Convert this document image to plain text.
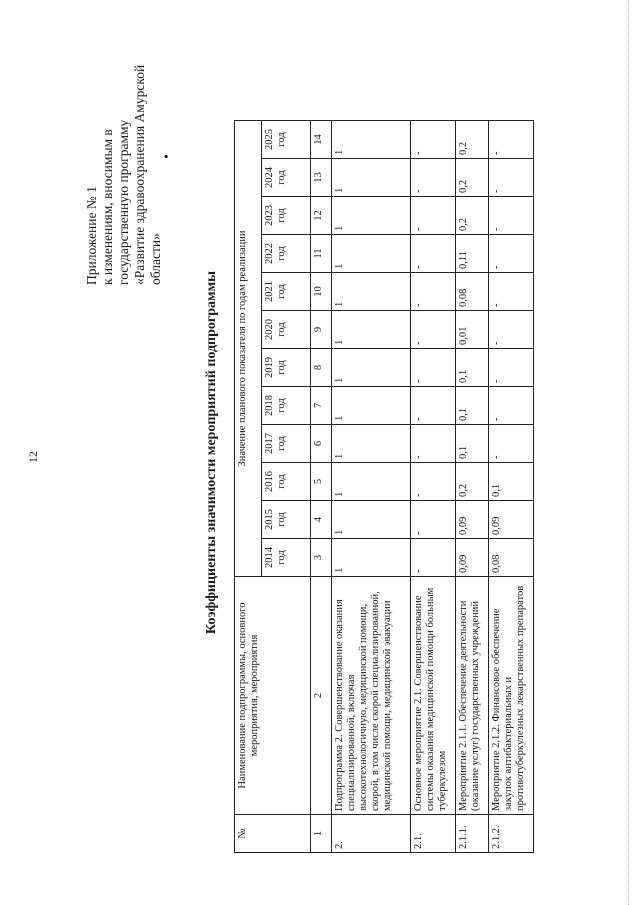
12
Приложение № 1 к изменениям, вносимым в государственную программу «Развитие здравоохранения Амурской области»
•
Коэффициенты значимости мероприятий подпрограммы
№	Наименование подпрограммы, основного мероприятия, мероприятия	Значение планового показателя по годам реализации											
		2014 год	2015 год	2016 год	2017 год	2018 год	2019 год	2020 год	2021 год	2022 год	2023 год	2024 год	2025 год
1	2	3	4	5	6	7	8	9	10	11	12	13	14
2.	Подпрограмма 2. Совершенствование оказания специализированной, включая высокотехнологичную, медицинской помощи, скорой, в том числе скорой специализированной, медицинской помощи, медицинской эвакуации	1	1	1	1	1	1	1	1	1	1	1	1
2.1.	Основное мероприятие 2.1. Совершенствование системы оказания медицинской помощи больным туберкулезом	-	-	-	-	-	-	-	-	-	-	-	-
2.1.1.	Мероприятие 2.1.1. Обеспечение деятельности (оказание услуг) государственных учреждений	0,09	0,09	0,2	0,1	0,1	0,1	0,01	0,08	0,11	0,2	0,2	0,2
2.1.2.	Мероприятие 2.1.2. Финансовое обеспечение закупок антибактериальных и противотуберкулезных лекарственных препаратов	0,08	0,09	0,1	-	-	-	-	-	-	-	-	-
